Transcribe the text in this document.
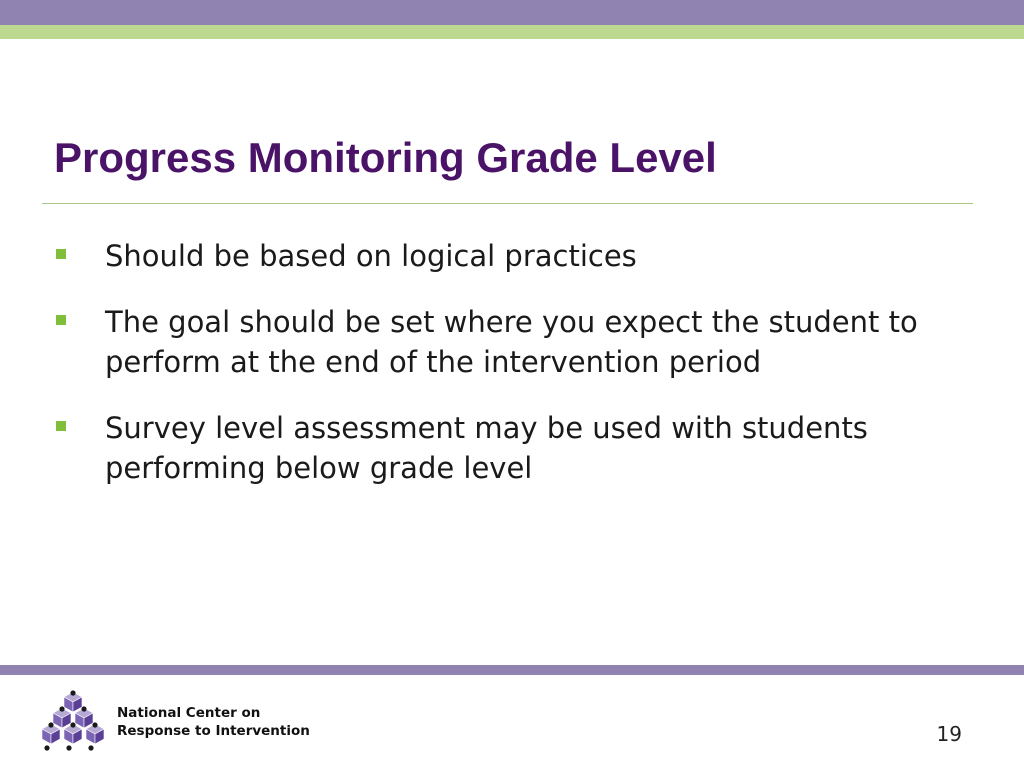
Progress Monitoring Grade Level
Should be based on logical practices
The goal should be set where you expect the student to perform at the end of the intervention period
Survey level assessment may be used with students performing below grade level
National Center on
Response to Intervention	19
